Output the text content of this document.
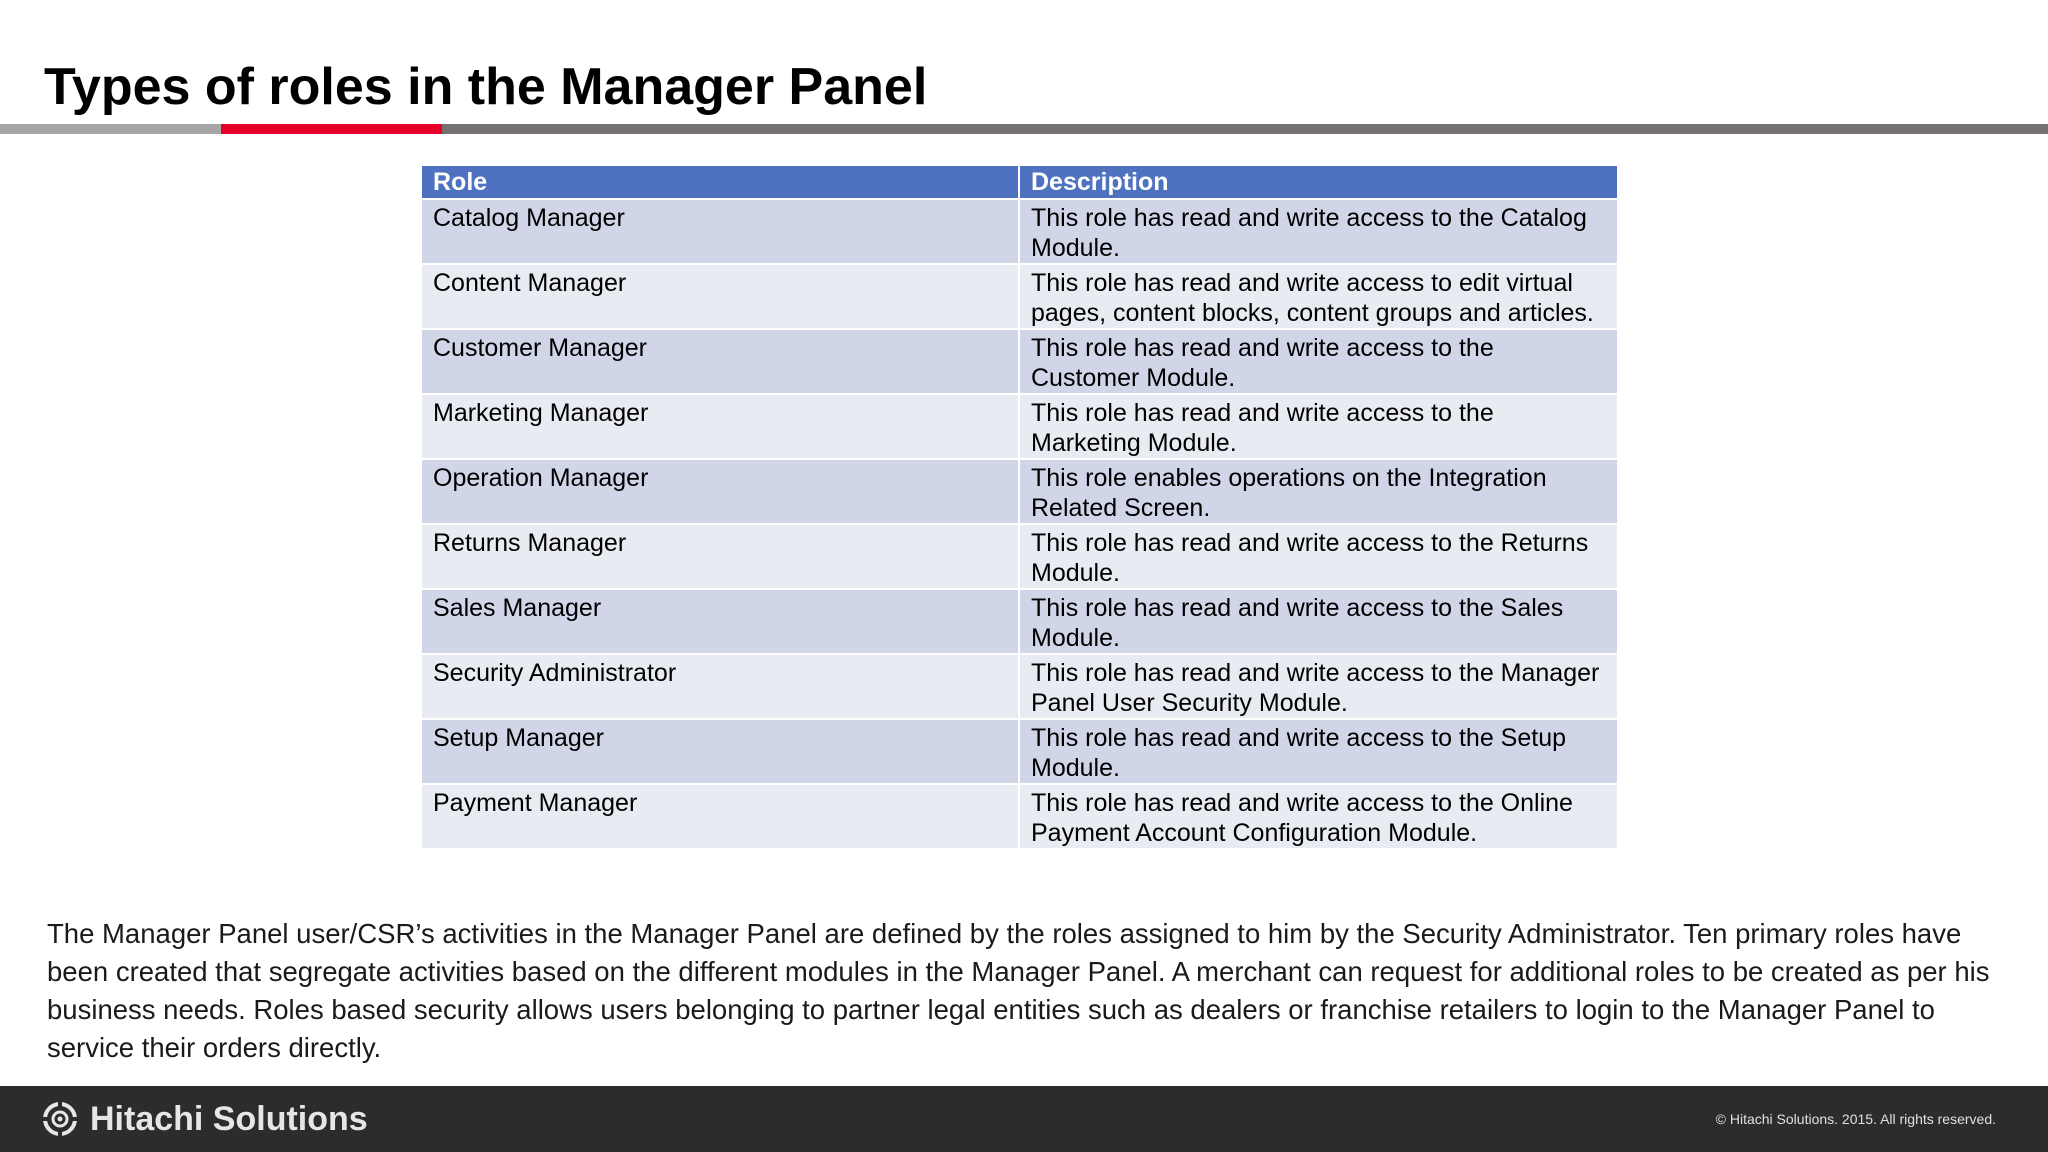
Types of roles in the Manager Panel
Role	Description
Catalog Manager	This role has read and write access to the Catalog Module.
Content Manager	This role has read and write access to edit virtual pages, content blocks, content groups and articles.
Customer Manager	This role has read and write access to the Customer Module.
Marketing Manager	This role has read and write access to the Marketing Module.
Operation Manager	This role enables operations on the Integration Related Screen.
Returns Manager	This role has read and write access to the Returns Module.
Sales Manager	This role has read and write access to the Sales Module.
Security Administrator	This role has read and write access to the Manager Panel User Security Module.
Setup Manager	This role has read and write access to the Setup Module.
Payment Manager	This role has read and write access to the Online Payment Account Configuration Module.

The Manager Panel user/CSR’s activities in the Manager Panel are defined by the roles assigned to him by the Security Administrator. Ten primary roles have been created that segregate activities based on the different modules in the Manager Panel. A merchant can request for additional roles to be created as per his business needs. Roles based security allows users belonging to partner legal entities such as dealers or franchise retailers to login to the Manager Panel to service their orders directly.

Hitachi Solutions	© Hitachi Solutions. 2015. All rights reserved.
